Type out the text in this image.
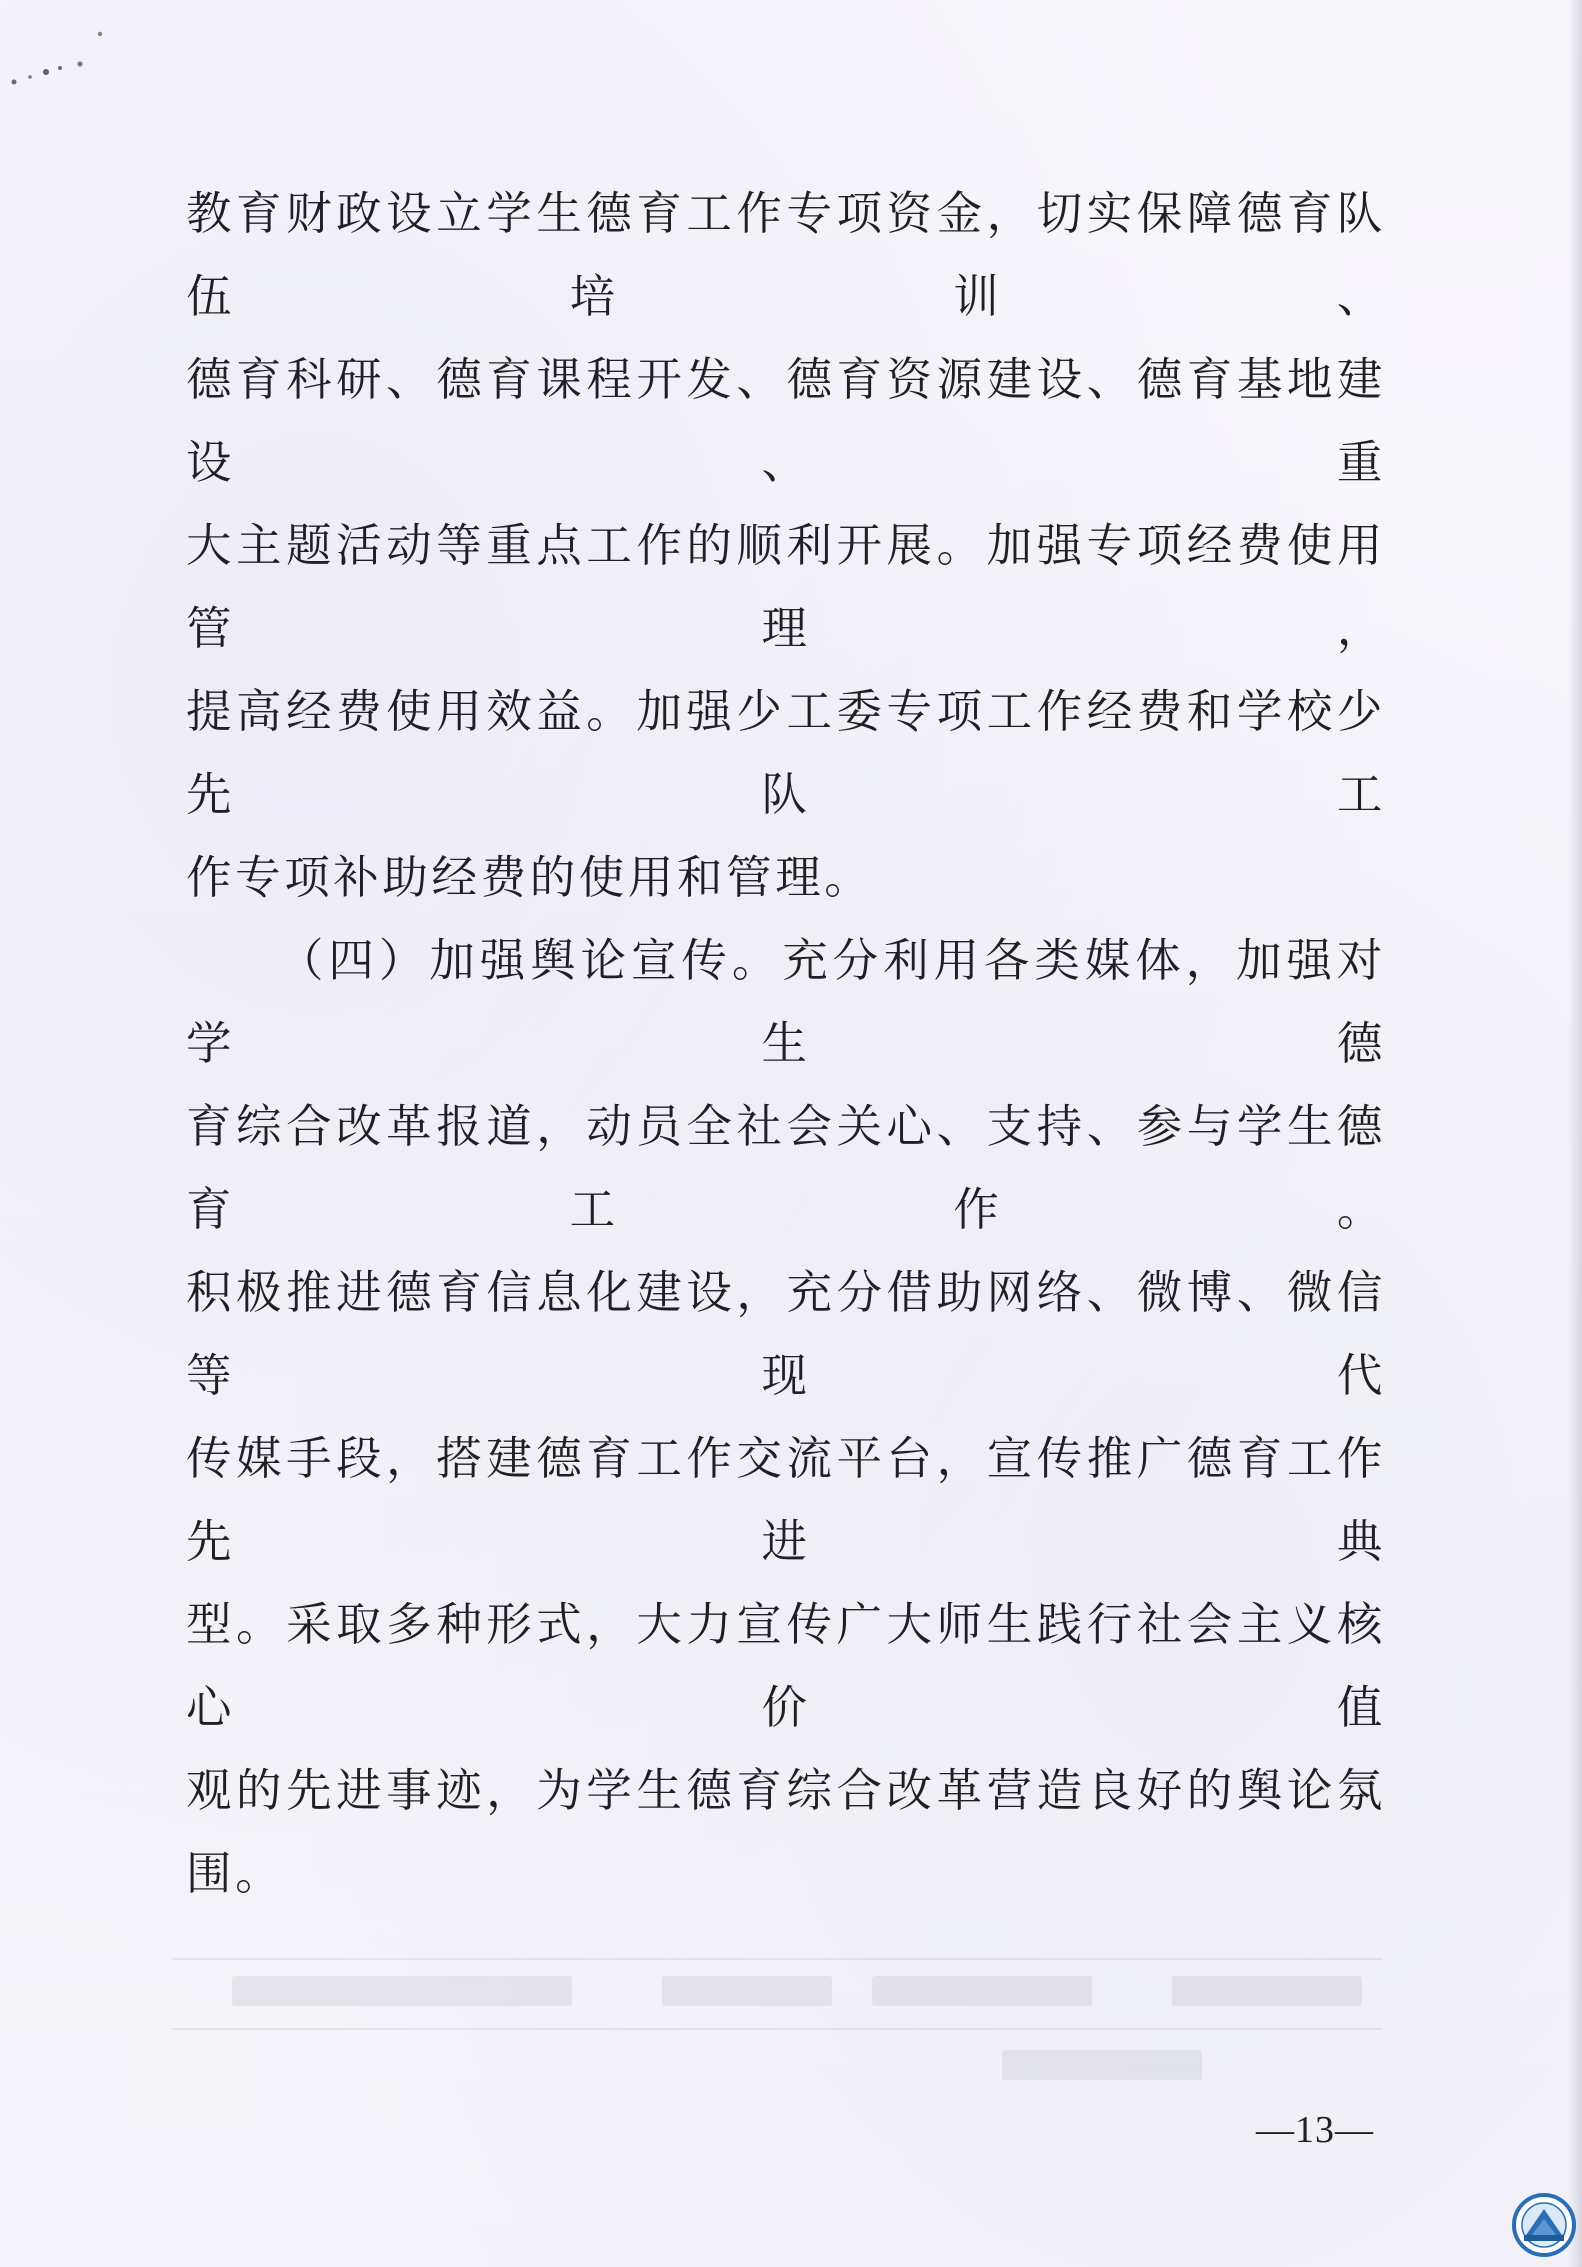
教育财政设立学生德育工作专项资金，切实保障德育队伍培训、

德育科研、德育课程开发、德育资源建设、德育基地建设、重

大主题活动等重点工作的顺利开展。加强专项经费使用管理，

提高经费使用效益。加强少工委专项工作经费和学校少先队工

作专项补助经费的使用和管理。

（四）加强舆论宣传。充分利用各类媒体，加强对学生德

育综合改革报道，动员全社会关心、支持、参与学生德育工作。

积极推进德育信息化建设，充分借助网络、微博、微信等现代

传媒手段，搭建德育工作交流平台，宣传推广德育工作先进典

型。采取多种形式，大力宣传广大师生践行社会主义核心价值

观的先进事迹，为学生德育综合改革营造良好的舆论氛围。

—13—
